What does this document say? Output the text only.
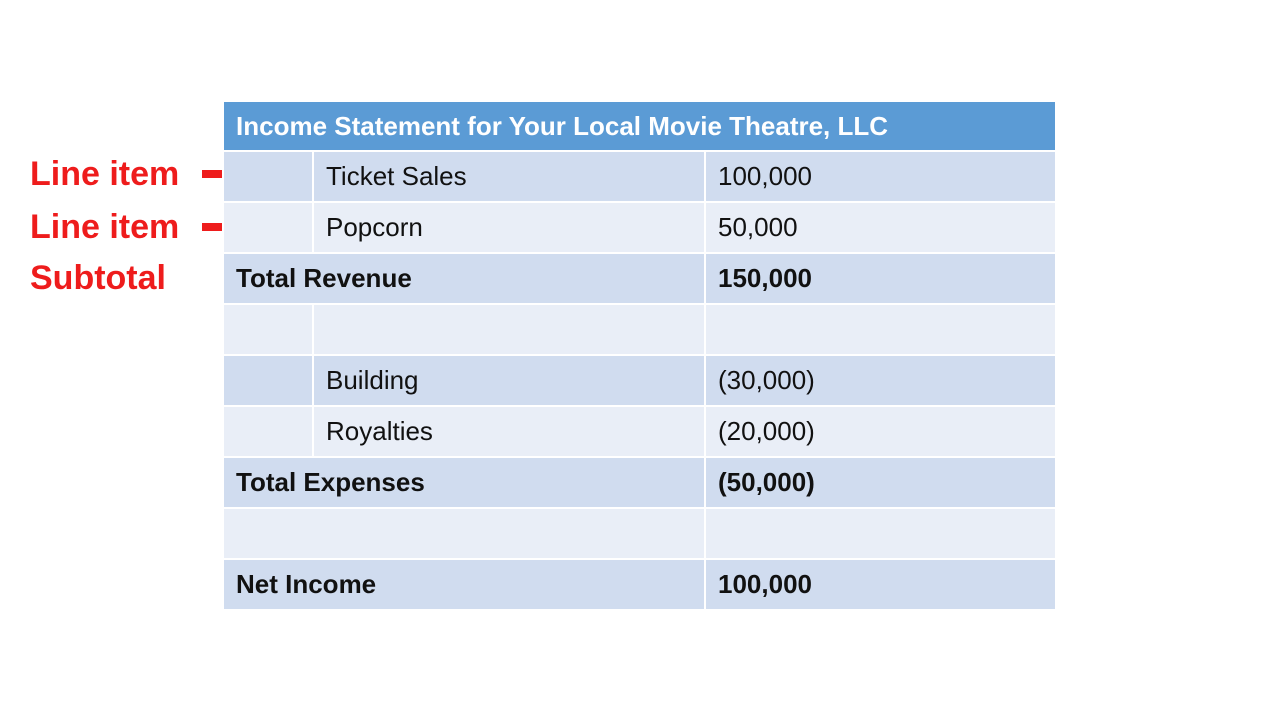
Line item
Line item
Subtotal
Income Statement for Your Local Movie Theatre, LLC		
	Ticket Sales	100,000
	Popcorn	50,000
Total Revenue		150,000

	Building	(30,000)
	Royalties	(20,000)
Total Expenses		(50,000)

Net Income		100,000
